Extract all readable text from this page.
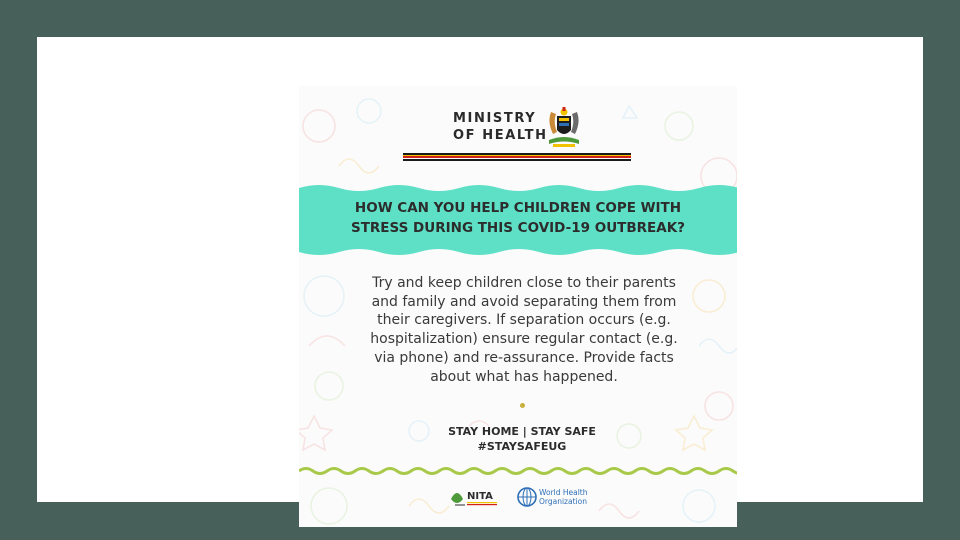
MINISTRY
OF HEALTH
HOW CAN YOU HELP CHILDREN COPE WITH
STRESS DURING THIS COVID-19 OUTBREAK?
Try and keep children close to their parents
and family and avoid separating them from
their caregivers. If separation occurs (e.g.
hospitalization) ensure regular contact (e.g.
via phone) and re-assurance. Provide facts
about what has happened.
STAY HOME | STAY SAFE
#STAYSAFEUG
NITA	World Health
Organization
